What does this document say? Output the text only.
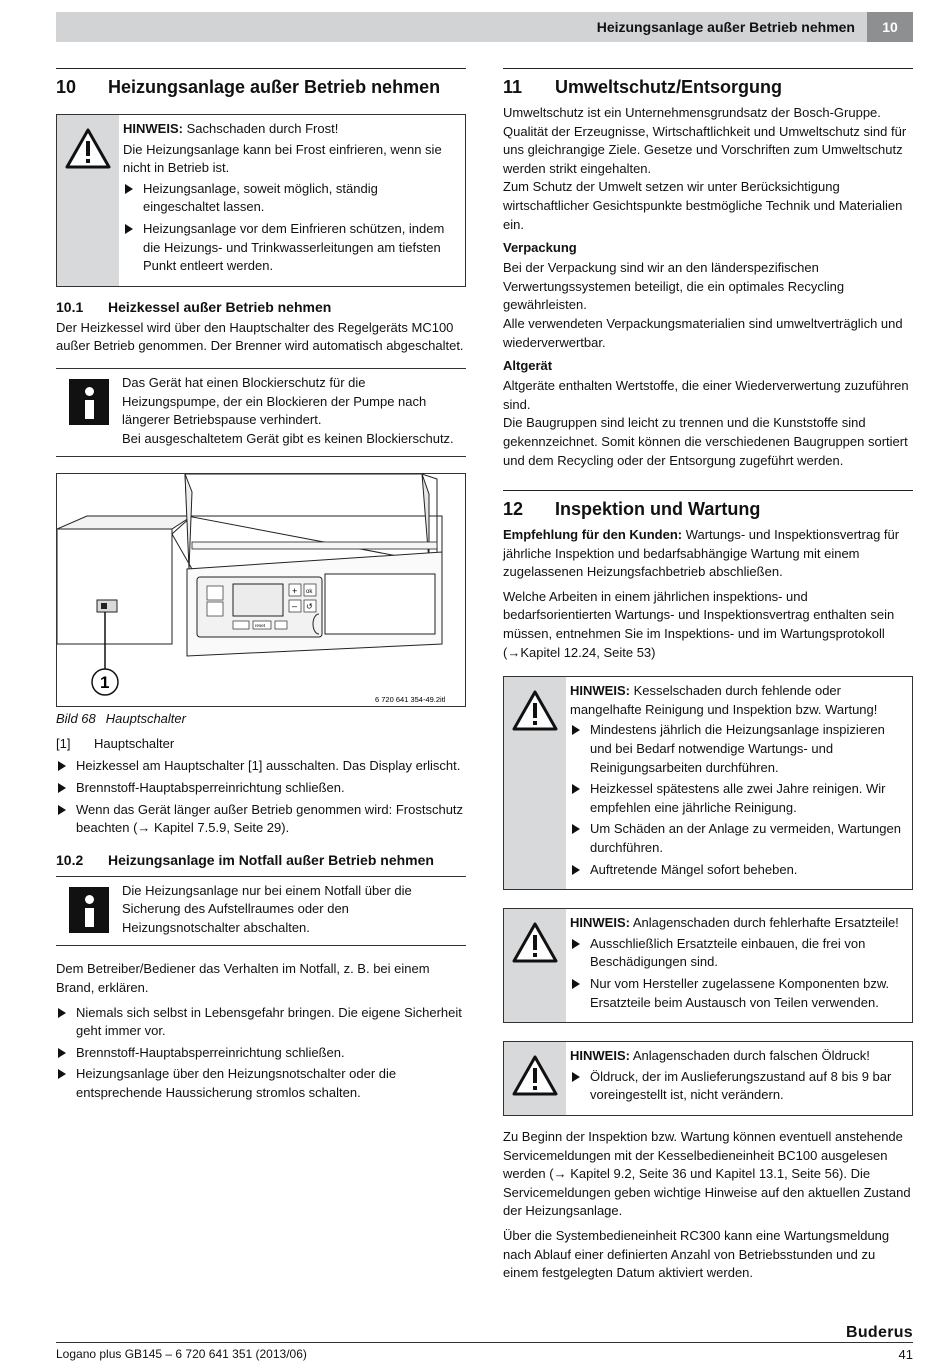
Heizungsanlage außer Betrieb nehmen	10
10	Heizungsanlage außer Betrieb nehmen

HINWEIS: Sachschaden durch Frost!

Die Heizungsanlage kann bei Frost einfrieren, wenn sie nicht in Betrieb ist.

Heizungsanlage, soweit möglich, ständig eingeschaltet lassen.
Heizungsanlage vor dem Einfrieren schützen, indem die Heizungs- und Trinkwasserleitungen am tiefsten Punkt entleert werden.
10.1	Heizkessel außer Betrieb nehmen

Der Heizkessel wird über den Hauptschalter des Regelgeräts MC100 außer Betrieb genommen. Der Brenner wird automatisch abgeschaltet.

Das Gerät hat einen Blockierschutz für die Heizungspumpe, der ein Blockieren der Pumpe nach längerer Betriebspause verhindert.

Bei ausgeschaltetem Gerät gibt es keinen Blockierschutz.

+ ok
– ↺
reset
1
6 720 641 354-49.2itl
Bild 68 Hauptschalter
[1]	Hauptschalter
Heizkessel am Hauptschalter [1] ausschalten. Das Display erlischt.
Brennstoff-Hauptabsperreinrichtung schließen.
Wenn das Gerät länger außer Betrieb genommen wird: Frostschutz beachten (→ Kapitel 7.5.9, Seite 29).
10.2	Heizungsanlage im Notfall außer Betrieb nehmen

Die Heizungsanlage nur bei einem Notfall über die Sicherung des Aufstellraumes oder den Heizungsnotschalter abschalten.

Dem Betreiber/Bediener das Verhalten im Notfall, z. B. bei einem Brand, erklären.

Niemals sich selbst in Lebensgefahr bringen. Die eigene Sicherheit geht immer vor.
Brennstoff-Hauptabsperreinrichtung schließen.
Heizungsanlage über den Heizungsnotschalter oder die entsprechende Haussicherung stromlos schalten.
11	Umweltschutz/Entsorgung

Umweltschutz ist ein Unternehmensgrundsatz der Bosch-Gruppe.

Qualität der Erzeugnisse, Wirtschaftlichkeit und Umweltschutz sind für uns gleichrangige Ziele. Gesetze und Vorschriften zum Umweltschutz werden strikt eingehalten.

Zum Schutz der Umwelt setzen wir unter Berücksichtigung wirtschaftlicher Gesichtspunkte bestmögliche Technik und Materialien ein.

Verpackung

Bei der Verpackung sind wir an den länderspezifischen Verwertungssystemen beteiligt, die ein optimales Recycling gewährleisten.

Alle verwendeten Verpackungsmaterialien sind umweltverträglich und wiederverwertbar.

Altgerät

Altgeräte enthalten Wertstoffe, die einer Wiederverwertung zuzuführen sind.

Die Baugruppen sind leicht zu trennen und die Kunststoffe sind gekennzeichnet. Somit können die verschiedenen Baugruppen sortiert und dem Recycling oder der Entsorgung zugeführt werden.

12	Inspektion und Wartung

Empfehlung für den Kunden: Wartungs- und Inspektionsvertrag für jährliche Inspektion und bedarfsabhängige Wartung mit einem zugelassenen Heizungsfachbetrieb abschließen.

Welche Arbeiten in einem jährlichen inspektions- und bedarfsorientierten Wartungs- und Inspektionsvertrag enthalten sein müssen, entnehmen Sie im Inspektions- und im Wartungsprotokoll (→Kapitel 12.24, Seite 53)

HINWEIS: Kesselschaden durch fehlende oder mangelhafte Reinigung und Inspektion bzw. Wartung!

Mindestens jährlich die Heizungsanlage inspizieren und bei Bedarf notwendige Wartungs- und Reinigungsarbeiten durchführen.
Heizkessel spätestens alle zwei Jahre reinigen. Wir empfehlen eine jährliche Reinigung.
Um Schäden an der Anlage zu vermeiden, Wartungen durchführen.
Auftretende Mängel sofort beheben.

HINWEIS: Anlagenschaden durch fehlerhafte Ersatzteile!

Ausschließlich Ersatzteile einbauen, die frei von Beschädigungen sind.
Nur vom Hersteller zugelassene Komponenten bzw. Ersatzteile beim Austausch von Teilen verwenden.

HINWEIS: Anlagenschaden durch falschen Öldruck!

Öldruck, der im Auslieferungszustand auf 8 bis 9 bar voreingestellt ist, nicht verändern.

Zu Beginn der Inspektion bzw. Wartung können eventuell anstehende Servicemeldungen mit der Kesselbedieneinheit BC100 ausgelesen werden (→ Kapitel 9.2, Seite 36 und Kapitel 13.1, Seite 56). Die Servicemeldungen geben wichtige Hinweise auf den aktuellen Zustand der Heizungsanlage.

Über die Systembedieneinheit RC300 kann eine Wartungsmeldung nach Ablauf einer definierten Anzahl von Betriebsstunden und zu einem festgelegten Datum aktiviert werden.

Buderus
Logano plus GB145 – 6 720 641 351 (2013/06)	41
